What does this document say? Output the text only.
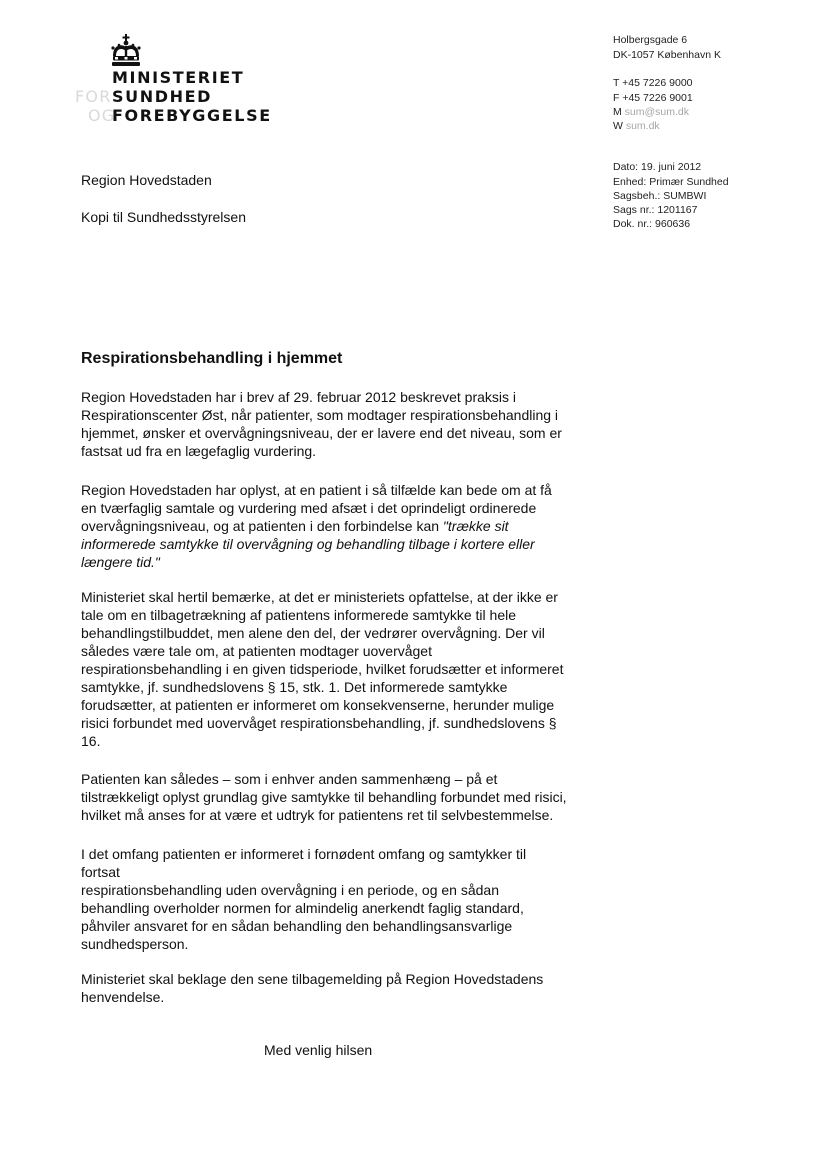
MINISTERIET
FOR SUNDHED
OG
FOREBYGGELSE
Holbergsgade 6
DK-1057 København K
T +45 7226 9000
F +45 7226 9001
M sum@sum.dk
W sum.dk
Dato: 19. juni 2012
Enhed: Primær Sundhed
Sagsbeh.: SUMBWI
Sags nr.: 1201167
Dok. nr.: 960636
Region Hovedstaden
Kopi til Sundhedsstyrelsen
Respirationsbehandling i hjemmet
Region Hovedstaden har i brev af 29. februar 2012 beskrevet praksis i
Respirationscenter Øst, når patienter, som modtager respirationsbehandling i
hjemmet, ønsker et overvågningsniveau, der er lavere end det niveau, som er
fastsat ud fra en lægefaglig vurdering.
Region Hovedstaden har oplyst, at en patient i så tilfælde kan bede om at få
en tværfaglig samtale og vurdering med afsæt i det oprindeligt ordinerede
overvågningsniveau, og at patienten i den forbindelse kan "trække sit
informerede samtykke til overvågning og behandling tilbage i kortere eller
længere tid."
Ministeriet skal hertil bemærke, at det er ministeriets opfattelse, at der ikke er
tale om en tilbagetrækning af patientens informerede samtykke til hele
behandlingstilbuddet, men alene den del, der vedrører overvågning. Der vil
således være tale om, at patienten modtager uovervåget
respirationsbehandling i en given tidsperiode, hvilket forudsætter et informeret
samtykke, jf. sundhedslovens § 15, stk. 1. Det informerede samtykke
forudsætter, at patienten er informeret om konsekvenserne, herunder mulige
risici forbundet med uovervåget respirationsbehandling, jf. sundhedslovens §
16.
Patienten kan således – som i enhver anden sammenhæng – på et
tilstrækkeligt oplyst grundlag give samtykke til behandling forbundet med risici,
hvilket må anses for at være et udtryk for patientens ret til selvbestemmelse.
I det omfang patienten er informeret i fornødent omfang og samtykker til
fortsat
respirationsbehandling uden overvågning i en periode, og en sådan
behandling overholder normen for almindelig anerkendt faglig standard,
påhviler ansvaret for en sådan behandling den behandlingsansvarlige
sundhedsperson.
Ministeriet skal beklage den sene tilbagemelding på Region Hovedstadens
henvendelse.
Med venlig hilsen
